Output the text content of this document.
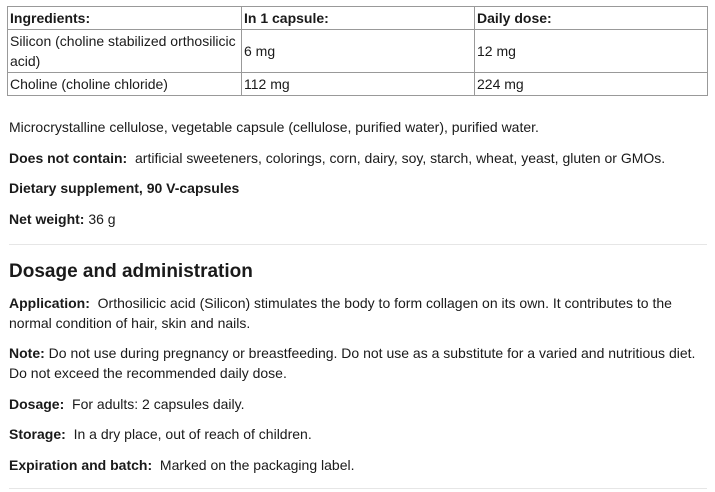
Ingredients:	In 1 capsule:	Daily dose:
Silicon (choline stabilized orthosilicic acid)	6 mg	12 mg
Choline (choline chloride)	112 mg	224 mg
Microcrystalline cellulose, vegetable capsule (cellulose, purified water), purified water.
Does not contain: artificial sweeteners, colorings, corn, dairy, soy, starch, wheat, yeast, gluten or GMOs.
Dietary supplement, 90 V-capsules
Net weight: 36 g
Dosage and administration
Application: Orthosilicic acid (Silicon) stimulates the body to form collagen on its own. It contributes to the normal condition of hair, skin and nails.
Note: Do not use during pregnancy or breastfeeding. Do not use as a substitute for a varied and nutritious diet. Do not exceed the recommended daily dose.
Dosage: For adults: 2 capsules daily.
Storage: In a dry place, out of reach of children.
Expiration and batch: Marked on the packaging label.
